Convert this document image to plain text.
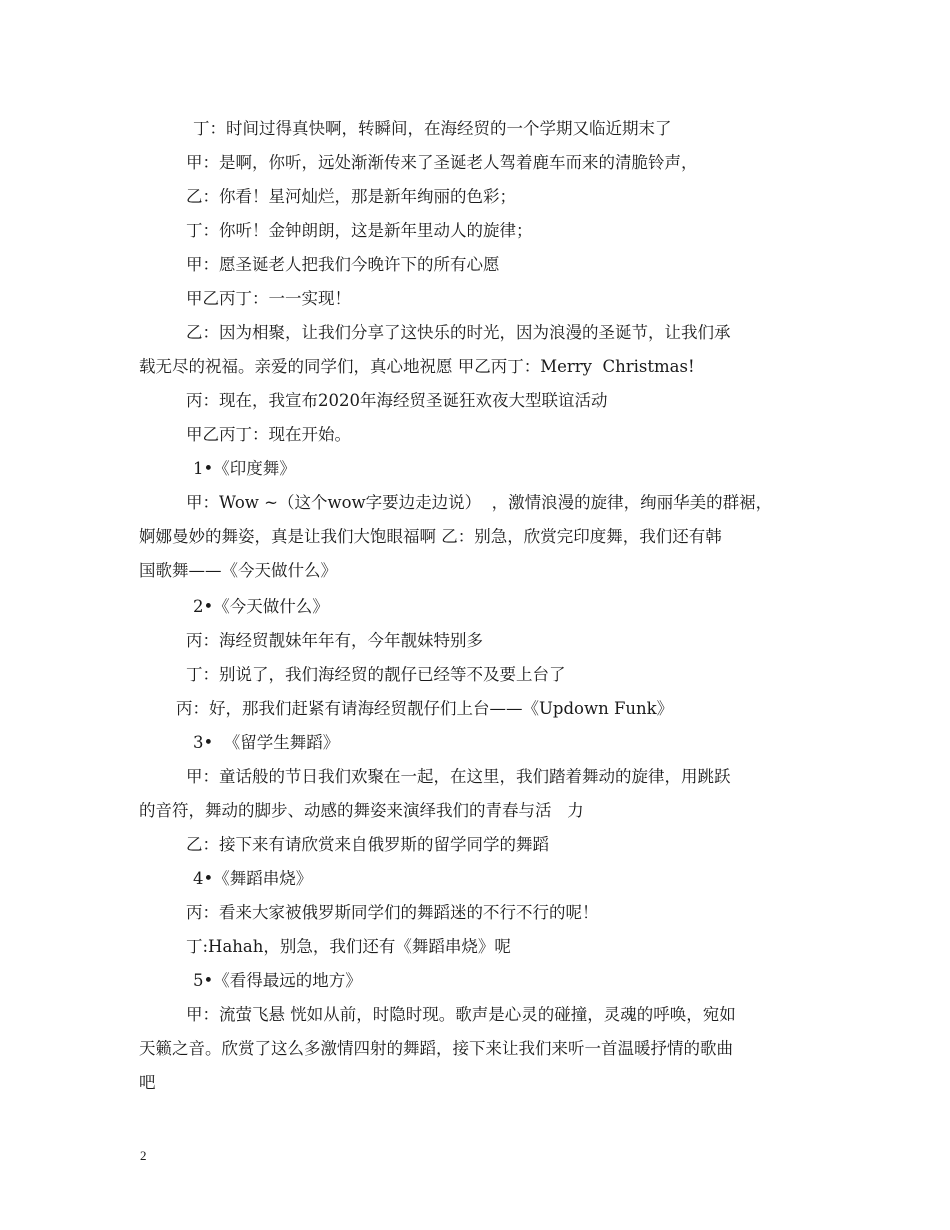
丁：时间过得真快啊，转瞬间，在海经贸的一个学期又临近期末了
甲：是啊，你听，远处渐渐传来了圣诞老人驾着鹿车而来的清脆铃声，
乙：你看！星河灿烂，那是新年绚丽的色彩；
丁：你听！金钟朗朗，这是新年里动人的旋律；
甲：愿圣诞老人把我们今晚许下的所有心愿
甲乙丙丁：一一实现！
乙：因为相聚，让我们分享了这快乐的时光，因为浪漫的圣诞节，让我们承
载无尽的祝福。亲爱的同学们，真心地祝愿 甲乙丙丁：Merry  Christmas!
丙：现在，我宣布2020年海经贸圣诞狂欢夜大型联谊活动
甲乙丙丁：现在开始。
1•《印度舞》
甲：Wow ~（这个wow字要边走边说）  ，激情浪漫的旋律，绚丽华美的群裾，
婀娜曼妙的舞姿，真是让我们大饱眼福啊 乙：别急，欣赏完印度舞，我们还有韩
国歌舞——《今天做什么》
2•《今天做什么》
丙：海经贸靓妹年年有，今年靓妹特别多
丁：别说了，我们海经贸的靓仔已经等不及要上台了
丙：好，那我们赶紧有请海经贸靓仔们上台——《Updown Funk》
3•  《留学生舞蹈》
甲：童话般的节日我们欢聚在一起，在这里，我们踏着舞动的旋律，用跳跃
的音符，舞动的脚步、动感的舞姿来演绎我们的青春与活   力
乙：接下来有请欣赏来自俄罗斯的留学同学的舞蹈
4•《舞蹈串烧》
丙：看来大家被俄罗斯同学们的舞蹈迷的不行不行的呢！
丁:Hahah，别急，我们还有《舞蹈串烧》呢
5•《看得最远的地方》
甲：流萤飞悬 恍如从前，时隐时现。歌声是心灵的碰撞，灵魂的呼唤，宛如
天籁之音。欣赏了这么多激情四射的舞蹈，接下来让我们来听一首温暖抒情的歌曲
吧
2
